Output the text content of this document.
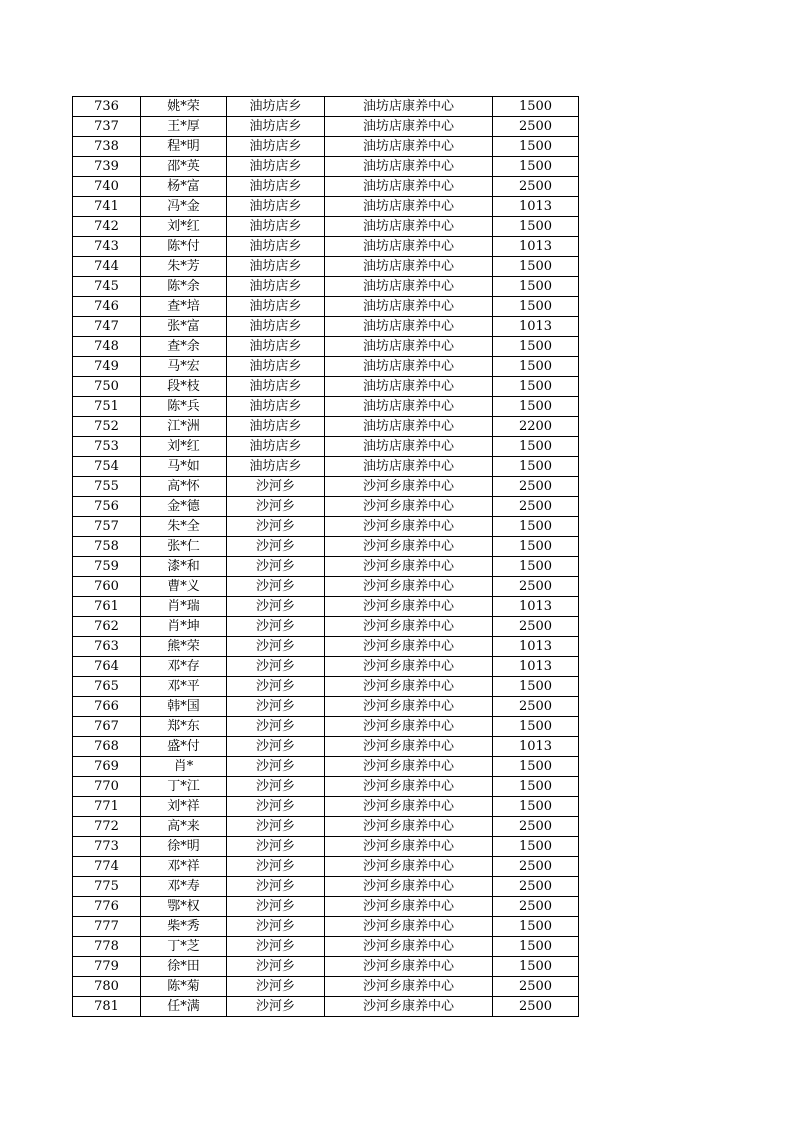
736	姚*荣	油坊店乡	油坊店康养中心	1500
737	王*厚	油坊店乡	油坊店康养中心	2500
738	程*明	油坊店乡	油坊店康养中心	1500
739	邵*英	油坊店乡	油坊店康养中心	1500
740	杨*富	油坊店乡	油坊店康养中心	2500
741	冯*金	油坊店乡	油坊店康养中心	1013
742	刘*红	油坊店乡	油坊店康养中心	1500
743	陈*付	油坊店乡	油坊店康养中心	1013
744	朱*芳	油坊店乡	油坊店康养中心	1500
745	陈*余	油坊店乡	油坊店康养中心	1500
746	查*培	油坊店乡	油坊店康养中心	1500
747	张*富	油坊店乡	油坊店康养中心	1013
748	查*余	油坊店乡	油坊店康养中心	1500
749	马*宏	油坊店乡	油坊店康养中心	1500
750	段*枝	油坊店乡	油坊店康养中心	1500
751	陈*兵	油坊店乡	油坊店康养中心	1500
752	江*洲	油坊店乡	油坊店康养中心	2200
753	刘*红	油坊店乡	油坊店康养中心	1500
754	马*如	油坊店乡	油坊店康养中心	1500
755	高*怀	沙河乡	沙河乡康养中心	2500
756	金*德	沙河乡	沙河乡康养中心	2500
757	朱*全	沙河乡	沙河乡康养中心	1500
758	张*仁	沙河乡	沙河乡康养中心	1500
759	漆*和	沙河乡	沙河乡康养中心	1500
760	曹*义	沙河乡	沙河乡康养中心	2500
761	肖*瑞	沙河乡	沙河乡康养中心	1013
762	肖*坤	沙河乡	沙河乡康养中心	2500
763	熊*荣	沙河乡	沙河乡康养中心	1013
764	邓*存	沙河乡	沙河乡康养中心	1013
765	邓*平	沙河乡	沙河乡康养中心	1500
766	韩*国	沙河乡	沙河乡康养中心	2500
767	郑*东	沙河乡	沙河乡康养中心	1500
768	盛*付	沙河乡	沙河乡康养中心	1013
769	肖*	沙河乡	沙河乡康养中心	1500
770	丁*江	沙河乡	沙河乡康养中心	1500
771	刘*祥	沙河乡	沙河乡康养中心	1500
772	高*来	沙河乡	沙河乡康养中心	2500
773	徐*明	沙河乡	沙河乡康养中心	1500
774	邓*祥	沙河乡	沙河乡康养中心	2500
775	邓*寿	沙河乡	沙河乡康养中心	2500
776	鄂*权	沙河乡	沙河乡康养中心	2500
777	柴*秀	沙河乡	沙河乡康养中心	1500
778	丁*芝	沙河乡	沙河乡康养中心	1500
779	徐*田	沙河乡	沙河乡康养中心	1500
780	陈*菊	沙河乡	沙河乡康养中心	2500
781	任*满	沙河乡	沙河乡康养中心	2500
